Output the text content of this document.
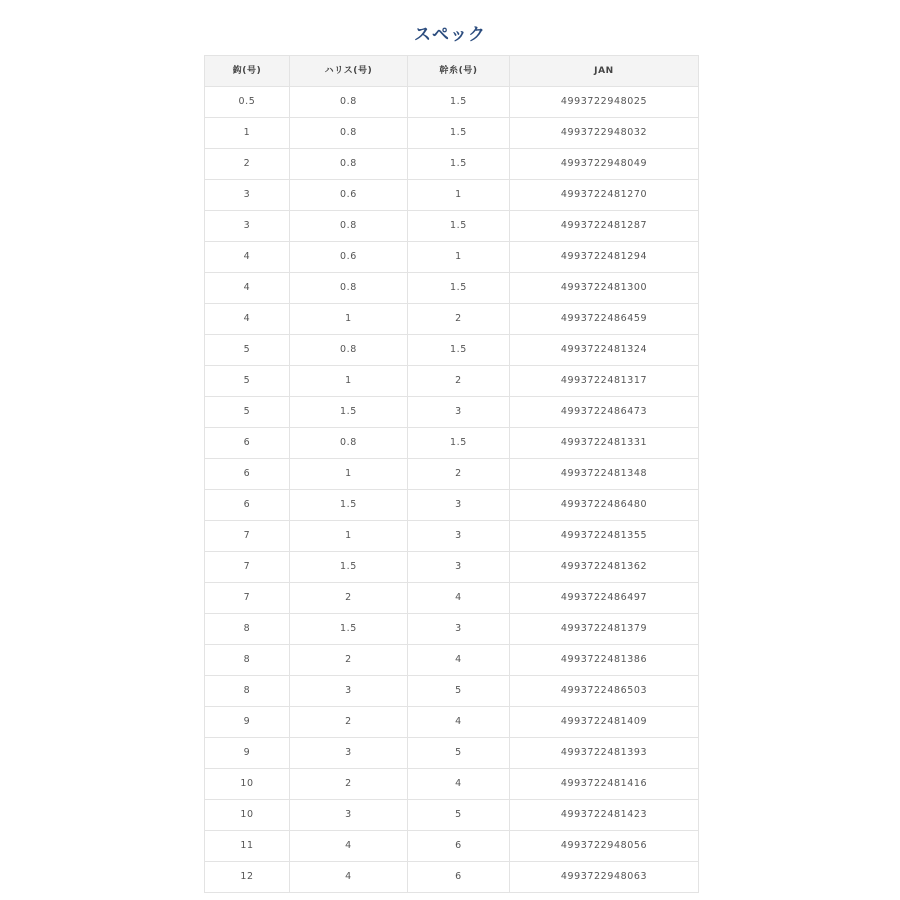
スペック
鈎(号)	ハリス(号)	幹糸(号)	JAN
0.5	0.8	1.5	4993722948025
1	0.8	1.5	4993722948032
2	0.8	1.5	4993722948049
3	0.6	1	4993722481270
3	0.8	1.5	4993722481287
4	0.6	1	4993722481294
4	0.8	1.5	4993722481300
4	1	2	4993722486459
5	0.8	1.5	4993722481324
5	1	2	4993722481317
5	1.5	3	4993722486473
6	0.8	1.5	4993722481331
6	1	2	4993722481348
6	1.5	3	4993722486480
7	1	3	4993722481355
7	1.5	3	4993722481362
7	2	4	4993722486497
8	1.5	3	4993722481379
8	2	4	4993722481386
8	3	5	4993722486503
9	2	4	4993722481409
9	3	5	4993722481393
10	2	4	4993722481416
10	3	5	4993722481423
11	4	6	4993722948056
12	4	6	4993722948063
